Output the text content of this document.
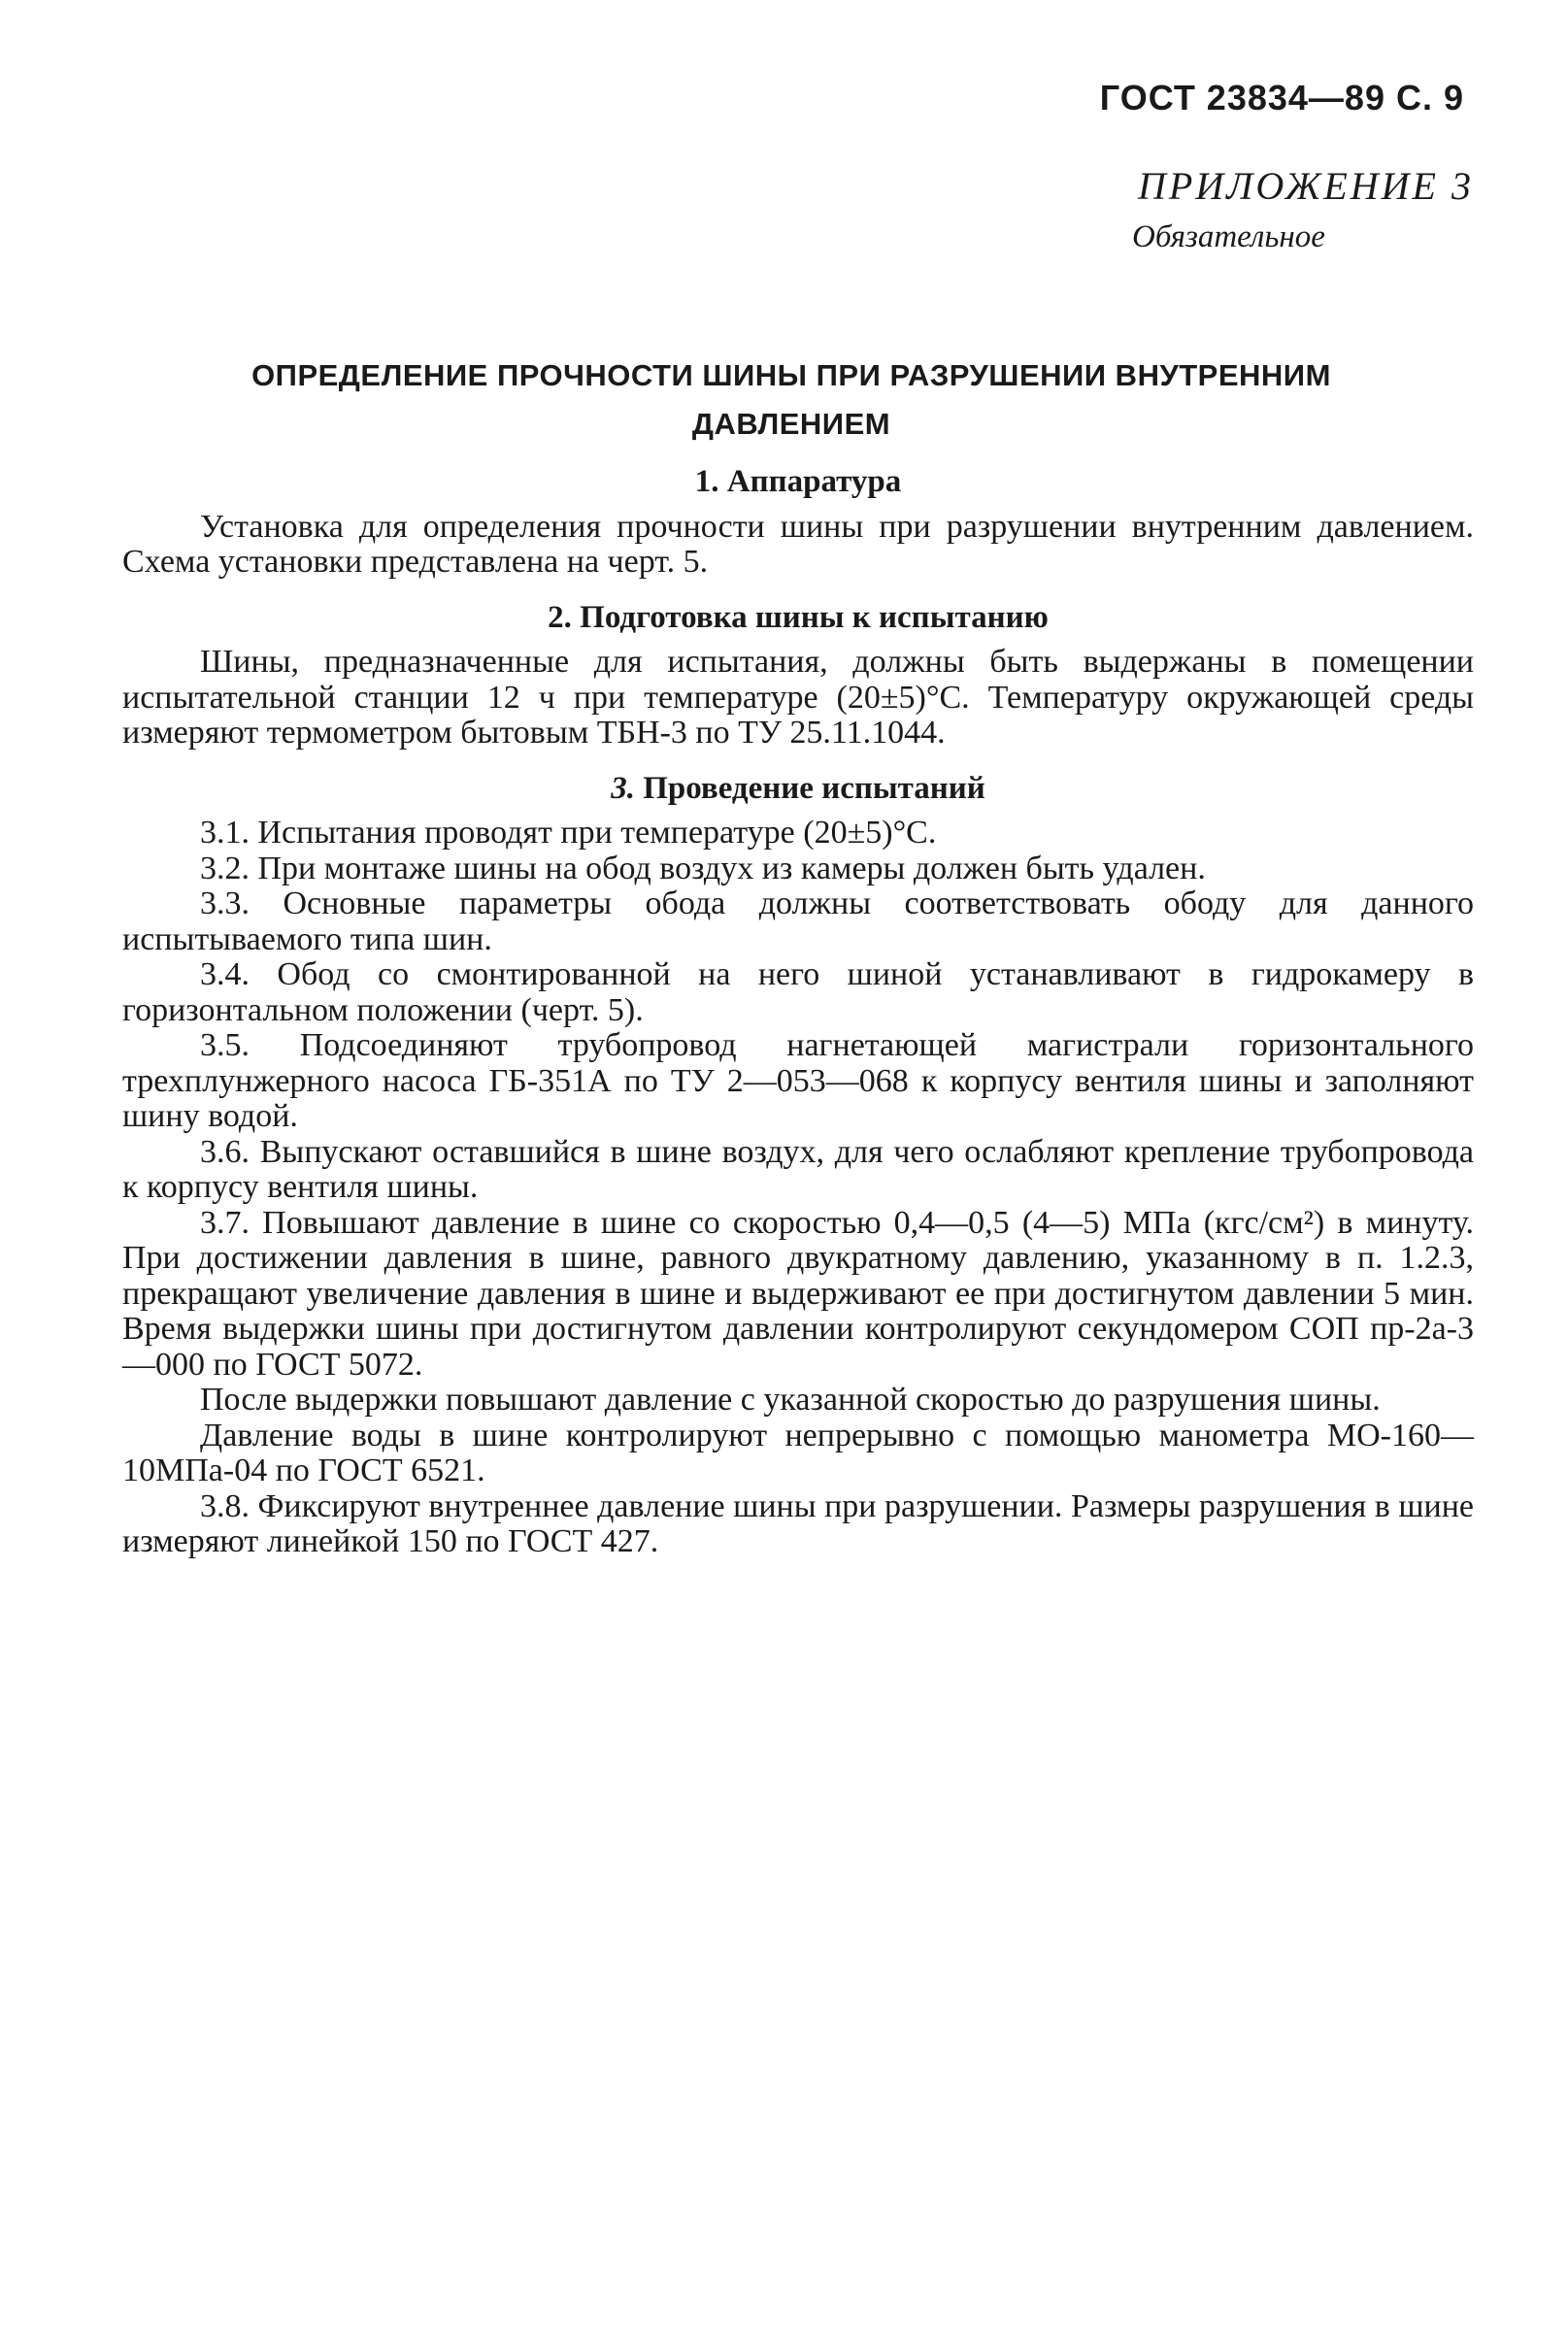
ГОСТ 23834—89 С. 9
ПРИЛОЖЕНИЕ 3
Обязательное
ОПРЕДЕЛЕНИЕ ПРОЧНОСТИ ШИНЫ ПРИ РАЗРУШЕНИИ ВНУТРЕННИМ ДАВЛЕНИЕМ
1. Аппаратура

Установка для определения прочности шины при разрушении внутренним давлением. Схема установки представлена на черт. 5.

2. Подготовка шины к испытанию

Шины, предназначенные для испытания, должны быть выдержаны в помещении испытательной станции 12 ч при температуре (20±5)°С. Температуру окружающей среды измеряют термометром бытовым ТБН-3 по ТУ 25.11.1044.

3. Проведение испытаний

3.1. Испытания проводят при температуре (20±5)°С.

3.2. При монтаже шины на обод воздух из камеры должен быть удален.

3.3. Основные параметры обода должны соответствовать ободу для данного испытываемого типа шин.

3.4. Обод со смонтированной на него шиной устанавливают в гидрокамеру в горизонтальном положении (черт. 5).

3.5. Подсоединяют трубопровод нагнетающей магистрали горизонтального трехплунжерного насоса ГБ-351А по ТУ 2—053—068 к корпусу вентиля шины и заполняют шину водой.

3.6. Выпускают оставшийся в шине воздух, для чего ослабляют крепление трубопровода к корпусу вентиля шины.

3.7. Повышают давление в шине со скоростью 0,4—0,5 (4—5) МПа (кгс/см²) в минуту. При достижении давления в шине, равного двукратному давлению, указанному в п. 1.2.3, прекращают увеличение давления в шине и выдерживают ее при достигнутом давлении 5 мин. Время выдержки шины при достигнутом давлении контролируют секундомером СОП пр-2а-3—000 по ГОСТ 5072.

После выдержки повышают давление с указанной скоростью до разрушения шины.

Давление воды в шине контролируют непрерывно с помощью манометра МО-160—10МПа-04 по ГОСТ 6521.

3.8. Фиксируют внутреннее давление шины при разрушении. Размеры разрушения в шине измеряют линейкой 150 по ГОСТ 427.
